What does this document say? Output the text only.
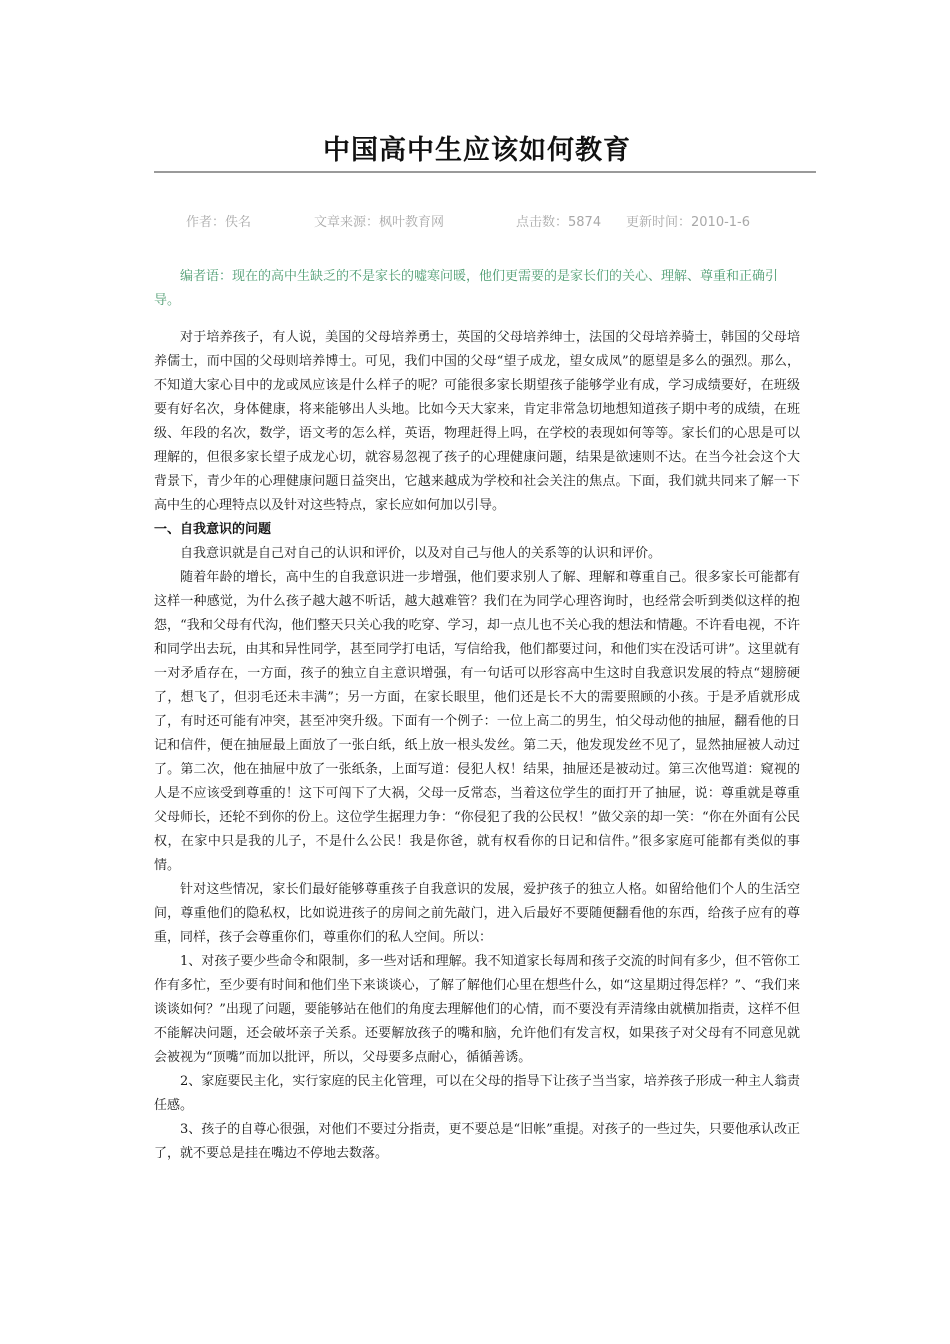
中国高中生应该如何教育
作者：佚名	文章来源：枫叶教育网	点击数：5874 更新时间：2010-1-6

编者语：现在的高中生缺乏的不是家长的嘘寒问暖，他们更需要的是家长们的关心、理解、尊重和正确引导。

对于培养孩子，有人说，美国的父母培养勇士，英国的父母培养绅士，法国的父母培养骑士，韩国的父母培养儒士，而中国的父母则培养博士。可见，我们中国的父母“望子成龙，望女成凤”的愿望是多么的强烈。那么，不知道大家心目中的龙或凤应该是什么样子的呢？可能很多家长期望孩子能够学业有成，学习成绩要好，在班级要有好名次，身体健康，将来能够出人头地。比如今天大家来，肯定非常急切地想知道孩子期中考的成绩，在班级、年段的名次，数学，语文考的怎么样，英语，物理赶得上吗，在学校的表现如何等等。家长们的心思是可以理解的，但很多家长望子成龙心切，就容易忽视了孩子的心理健康问题，结果是欲速则不达。在当今社会这个大背景下，青少年的心理健康问题日益突出，它越来越成为学校和社会关注的焦点。下面，我们就共同来了解一下高中生的心理特点以及针对这些特点，家长应如何加以引导。

一、自我意识的问题

自我意识就是自己对自己的认识和评价，以及对自己与他人的关系等的认识和评价。

随着年龄的增长，高中生的自我意识进一步增强，他们要求别人了解、理解和尊重自己。很多家长可能都有这样一种感觉，为什么孩子越大越不听话，越大越难管？我们在为同学心理咨询时，也经常会听到类似这样的抱怨，“我和父母有代沟，他们整天只关心我的吃穿、学习，却一点儿也不关心我的想法和情趣。不许看电视，不许和同学出去玩，由其和异性同学，甚至同学打电话，写信给我，他们都要过问，和他们实在没话可讲”。这里就有一对矛盾存在，一方面，孩子的独立自主意识增强，有一句话可以形容高中生这时自我意识发展的特点“翅膀硬了，想飞了，但羽毛还未丰满”；另一方面，在家长眼里，他们还是长不大的需要照顾的小孩。于是矛盾就形成了，有时还可能有冲突，甚至冲突升级。下面有一个例子：一位上高二的男生，怕父母动他的抽屉，翻看他的日记和信件，便在抽屉最上面放了一张白纸，纸上放一根头发丝。第二天，他发现发丝不见了，显然抽屉被人动过了。第二次，他在抽屉中放了一张纸条，上面写道：侵犯人权！结果，抽屉还是被动过。第三次他骂道：窥视的人是不应该受到尊重的！这下可闯下了大祸，父母一反常态，当着这位学生的面打开了抽屉，说：尊重就是尊重父母师长，还轮不到你的份上。这位学生据理力争：“你侵犯了我的公民权！”做父亲的却一笑：“你在外面有公民权，在家中只是我的儿子，不是什么公民！我是你爸，就有权看你的日记和信件。”很多家庭可能都有类似的事情。

针对这些情况，家长们最好能够尊重孩子自我意识的发展，爱护孩子的独立人格。如留给他们个人的生活空间，尊重他们的隐私权，比如说进孩子的房间之前先敲门，进入后最好不要随便翻看他的东西，给孩子应有的尊重，同样，孩子会尊重你们，尊重你们的私人空间。所以：

1、对孩子要少些命令和限制，多一些对话和理解。我不知道家长每周和孩子交流的时间有多少，但不管你工作有多忙，至少要有时间和他们坐下来谈谈心，了解了解他们心里在想些什么，如“这星期过得怎样？”、“我们来谈谈如何？”出现了问题，要能够站在他们的角度去理解他们的心情，而不要没有弄清缘由就横加指责，这样不但不能解决问题，还会破坏亲子关系。还要解放孩子的嘴和脑，允许他们有发言权，如果孩子对父母有不同意见就会被视为“顶嘴”而加以批评，所以，父母要多点耐心，循循善诱。

2、家庭要民主化，实行家庭的民主化管理，可以在父母的指导下让孩子当当家，培养孩子形成一种主人翁责任感。

3、孩子的自尊心很强，对他们不要过分指责，更不要总是“旧帐”重提。对孩子的一些过失，只要他承认改正了，就不要总是挂在嘴边不停地去数落。
